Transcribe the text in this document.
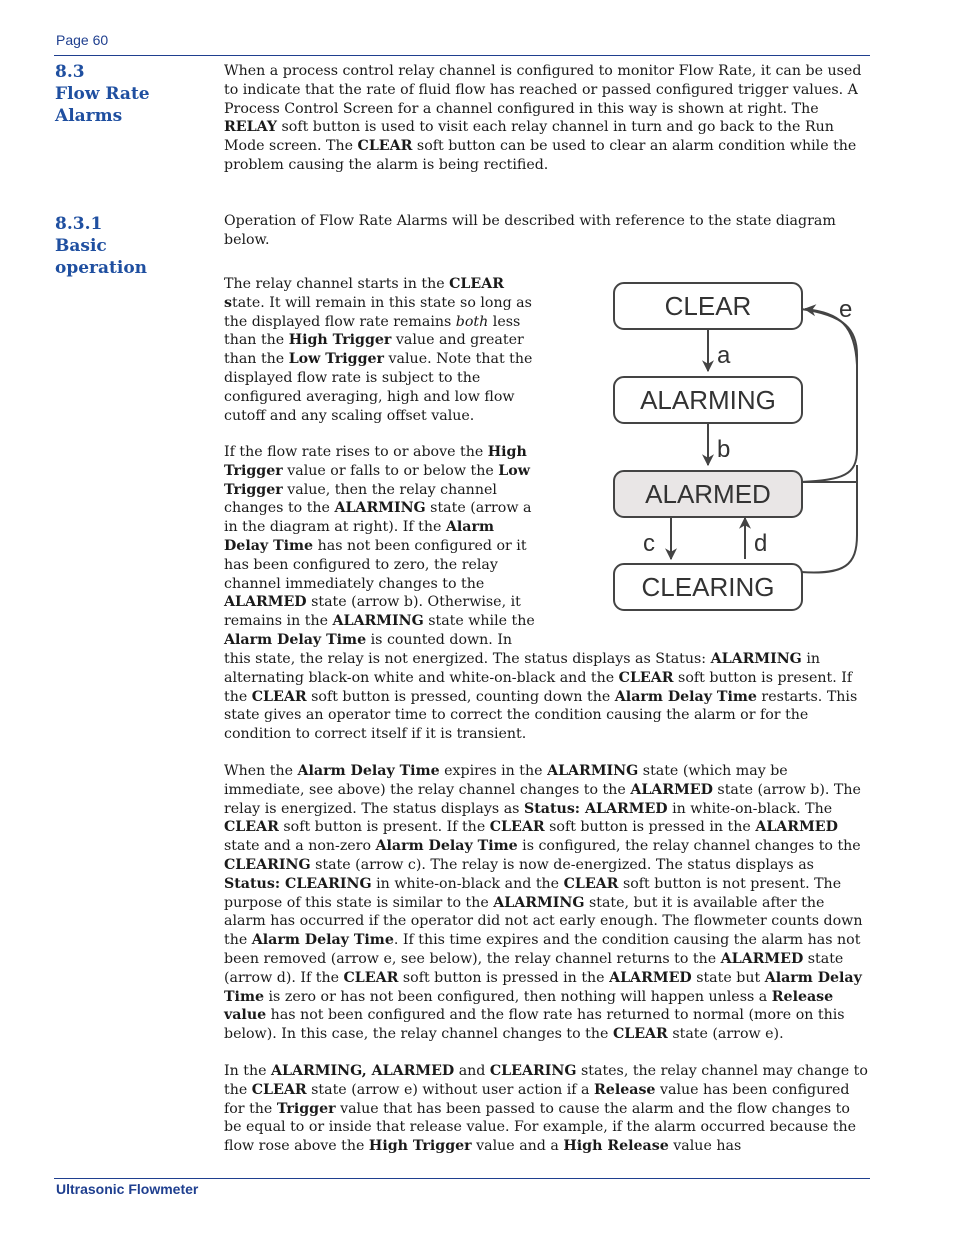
Page 60
8.3
Flow Rate
Alarms

When a process control relay channel is configured to monitor Flow Rate, it can be used to indicate that the rate of fluid flow has reached or passed configured trigger values. A Process Control Screen for a channel configured in this way is shown at right. The RELAY soft button is used to visit each relay channel in turn and go back to the Run Mode screen. The CLEAR soft button can be used to clear an alarm condition while the problem causing the alarm is being rectified.

8.3.1
Basic
operation

Operation of Flow Rate Alarms will be described with reference to the state diagram below.

The relay channel starts in the CLEAR state. It will remain in this state so long as the displayed flow rate remains both less than the High Trigger value and greater than the Low Trigger value. Note that the displayed flow rate is subject to the configured averaging, high and low flow cutoff and any scaling offset value.

If the flow rate rises to or above the High Trigger value or falls to or below the Low Trigger value, then the relay channel changes to the ALARMING state (arrow a in the diagram at right). If the Alarm Delay Time has not been configured or it has been configured to zero, the relay channel immediately changes to the ALARMED state (arrow b). Otherwise, it remains in the ALARMING state while the Alarm Delay Time is counted down. In

this state, the relay is not energized. The status displays as Status: ALARMING in alternating black-on white and white-on-black and the CLEAR soft button is present. If the CLEAR soft button is pressed, counting down the Alarm Delay Time restarts. This state gives an operator time to correct the condition causing the alarm or for the condition to correct itself if it is transient.

When the Alarm Delay Time expires in the ALARMING state (which may be immediate, see above) the relay channel changes to the ALARMED state (arrow b). The relay is energized. The status displays as Status: ALARMED in white-on-black. The CLEAR soft button is present. If the CLEAR soft button is pressed in the ALARMED state and a non-zero Alarm Delay Time is configured, the relay channel changes to the CLEARING state (arrow c). The relay is now de-energized. The status displays as Status: CLEARING in white-on-black and the CLEAR soft button is not present. The purpose of this state is similar to the ALARMING state, but it is available after the alarm has occurred if the operator did not act early enough. The flowmeter counts down the Alarm Delay Time. If this time expires and the condition causing the alarm has not been removed (arrow e, see below), the relay channel returns to the ALARMED state (arrow d). If the CLEAR soft button is pressed in the ALARMED state but Alarm Delay Time is zero or has not been configured, then nothing will happen unless a Release value has not been configured and the flow rate has returned to normal (more on this below). In this case, the relay channel changes to the CLEAR state (arrow e).

In the ALARMING, ALARMED and CLEARING states, the relay channel may change to the CLEAR state (arrow e) without user action if a Release value has been configured for the Trigger value that has been passed to cause the alarm and the flow changes to be equal to or inside that release value. For example, if the alarm occurred because the flow rose above the High Trigger value and a High Release value has

CLEAR
ALARMING
ALARMED
CLEARING
a
b
c	d
e
Ultrasonic Flowmeter
